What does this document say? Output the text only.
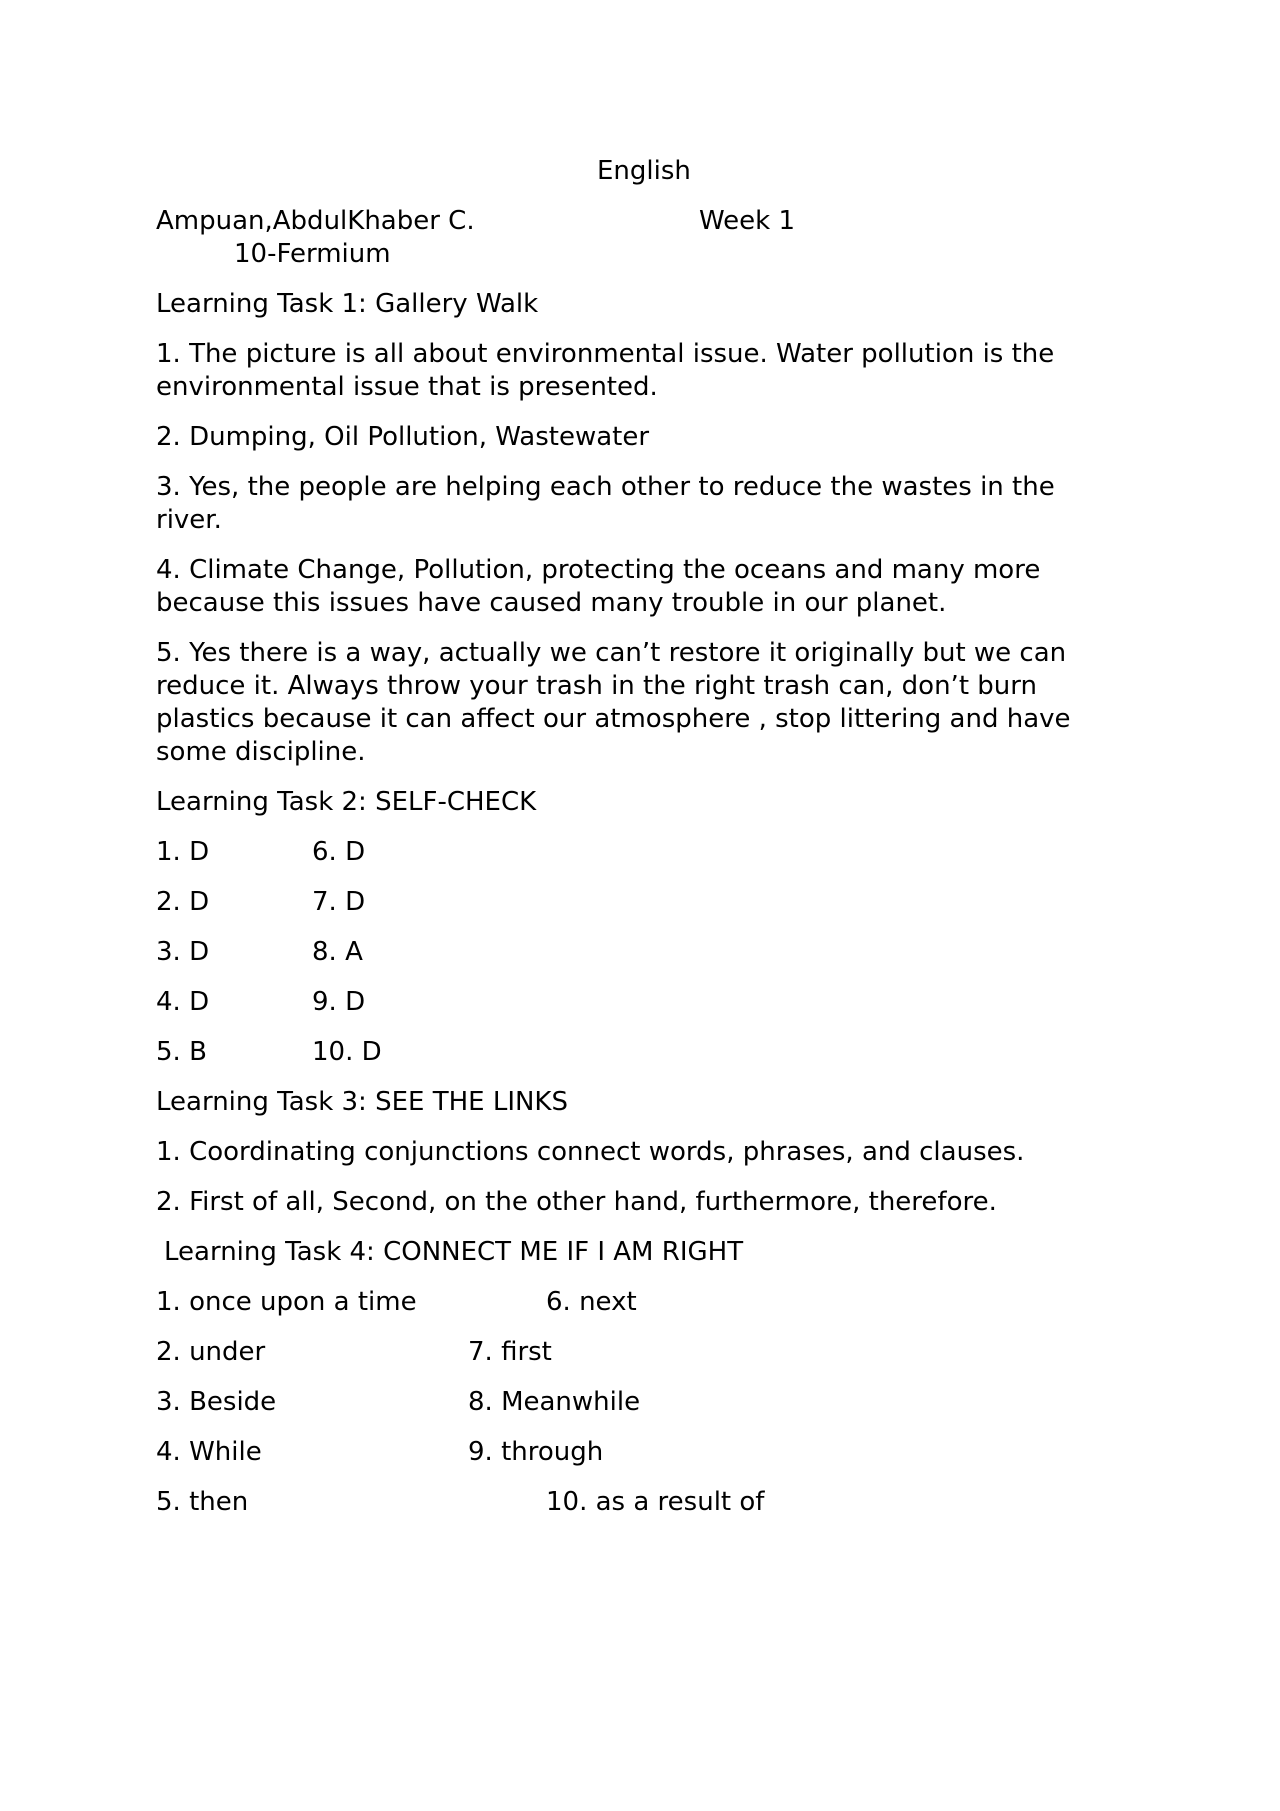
English
Ampuan,AbdulKhaber C.	Week 1
10-Fermium
Learning Task 1: Gallery Walk
1. The picture is all about environmental issue. Water pollution is the environmental issue that is presented.
2. Dumping, Oil Pollution, Wastewater
3. Yes, the people are helping each other to reduce the wastes in the river.
4. Climate Change, Pollution, protecting the oceans and many more because this issues have caused many trouble in our planet.
5. Yes there is a way, actually we can’t restore it originally but we can reduce it. Always throw your trash in the right trash can, don’t burn plastics because it can affect our atmosphere , stop littering and have some discipline.
Learning Task 2: SELF-CHECK
1. D	6. D
2. D	7. D
3. D	8. A
4. D	9. D
5. B	10. D
Learning Task 3: SEE THE LINKS
1. Coordinating conjunctions connect words, phrases, and clauses.
2. First of all, Second, on the other hand, furthermore, therefore.
Learning Task 4: CONNECT ME IF I AM RIGHT
1. once upon a time	6. next
2. under	7. first
3. Beside	8. Meanwhile
4. While	9. through
5. then	10. as a result of
